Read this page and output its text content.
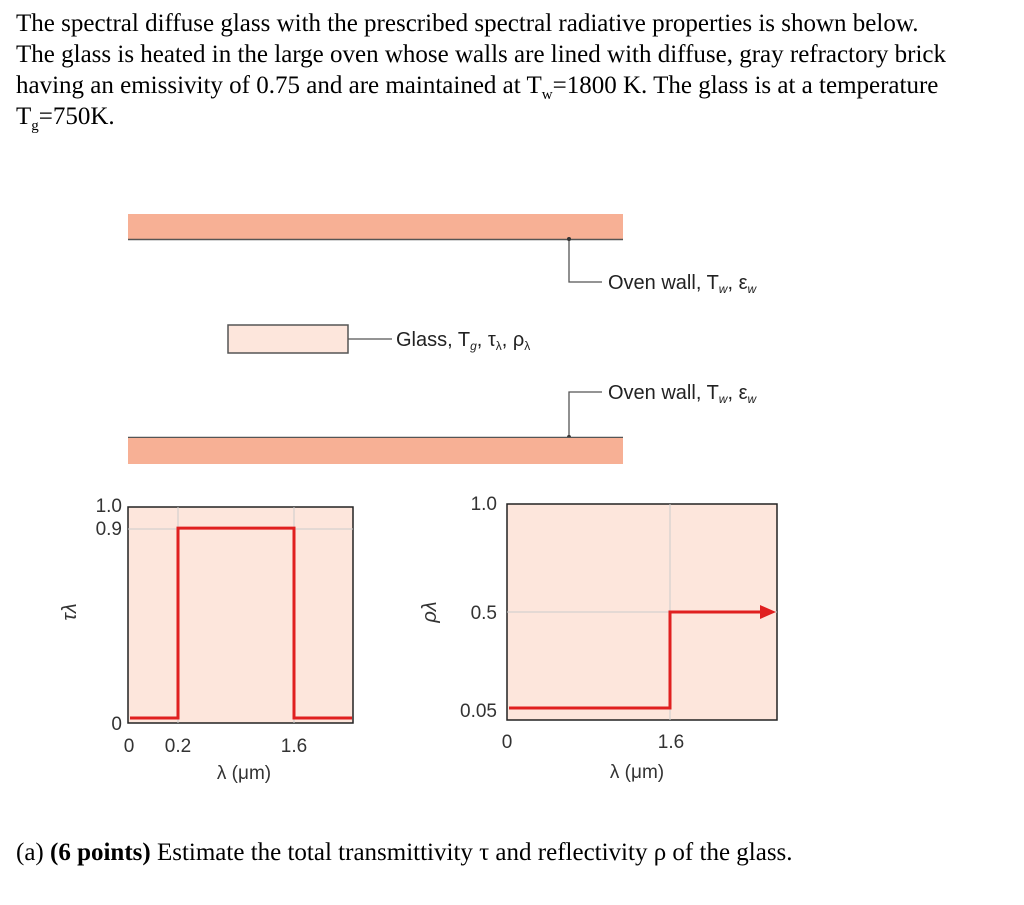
The spectral diffuse glass with the prescribed spectral radiative properties is shown below.
The glass is heated in the large oven whose walls are lined with diffuse, gray refractory brick
having an emissivity of 0.75 and are maintained at $T_w=1800$ K. The glass is at a temperature
$T_g=750K$.

Oven wall, $T_w$, $\varepsilon_w$
Glass, $T_g$, $\tau_\lambda$, $\rho_\lambda$
Oven wall, $T_w$, $\varepsilon_w$
1.0
0.9
0
0 0.2	1.6
λ (μm)
τλ
1.0
0.5
0.05
0	1.6
λ (μm)
ρλ

(a) (6 points) Estimate the total transmittivity τ and reflectivity ρ of the glass.
